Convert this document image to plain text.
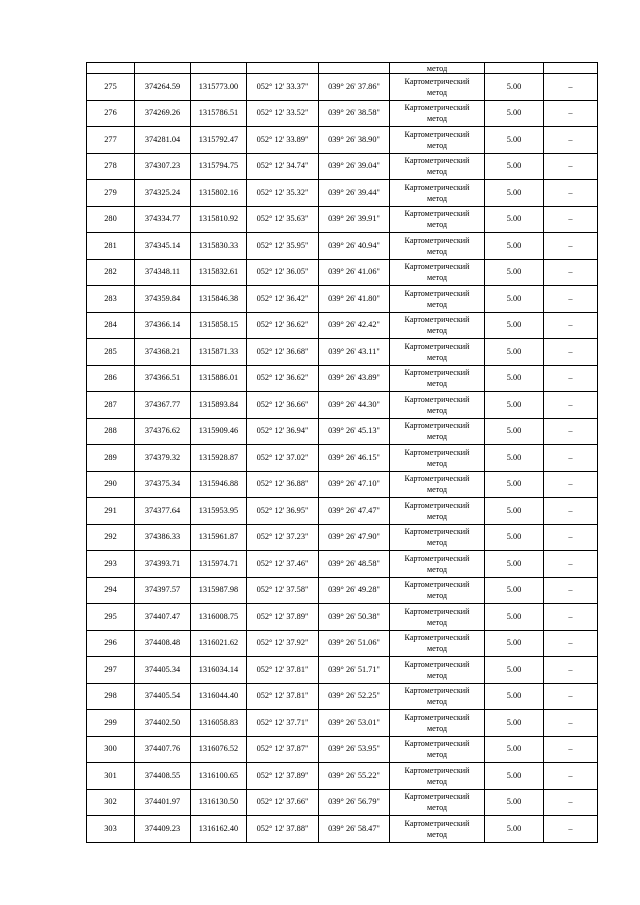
					метод		

275	374264.59	1315773.00	052° 12' 33.37"	039° 26' 37.86"	Картометрический
метод	5.00	–
276	374269.26	1315786.51	052° 12' 33.52"	039° 26' 38.58"	Картометрический
метод	5.00	–
277	374281.04	1315792.47	052° 12' 33.89"	039° 26' 38.90"	Картометрический
метод	5.00	–
278	374307.23	1315794.75	052° 12' 34.74"	039° 26' 39.04"	Картометрический
метод	5.00	–
279	374325.24	1315802.16	052° 12' 35.32"	039° 26' 39.44"	Картометрический
метод	5.00	–
280	374334.77	1315810.92	052° 12' 35.63"	039° 26' 39.91"	Картометрический
метод	5.00	–
281	374345.14	1315830.33	052° 12' 35.95"	039° 26' 40.94"	Картометрический
метод	5.00	–
282	374348.11	1315832.61	052° 12' 36.05"	039° 26' 41.06"	Картометрический
метод	5.00	–
283	374359.84	1315846.38	052° 12' 36.42"	039° 26' 41.80"	Картометрический
метод	5.00	–
284	374366.14	1315858.15	052° 12' 36.62"	039° 26' 42.42"	Картометрический
метод	5.00	–
285	374368.21	1315871.33	052° 12' 36.68"	039° 26' 43.11"	Картометрический
метод	5.00	–
286	374366.51	1315886.01	052° 12' 36.62"	039° 26' 43.89"	Картометрический
метод	5.00	–
287	374367.77	1315893.84	052° 12' 36.66"	039° 26' 44.30"	Картометрический
метод	5.00	–
288	374376.62	1315909.46	052° 12' 36.94"	039° 26' 45.13"	Картометрический
метод	5.00	–
289	374379.32	1315928.87	052° 12' 37.02"	039° 26' 46.15"	Картометрический
метод	5.00	–
290	374375.34	1315946.88	052° 12' 36.88"	039° 26' 47.10"	Картометрический
метод	5.00	–
291	374377.64	1315953.95	052° 12' 36.95"	039° 26' 47.47"	Картометрический
метод	5.00	–
292	374386.33	1315961.87	052° 12' 37.23"	039° 26' 47.90"	Картометрический
метод	5.00	–
293	374393.71	1315974.71	052° 12' 37.46"	039° 26' 48.58"	Картометрический
метод	5.00	–
294	374397.57	1315987.98	052° 12' 37.58"	039° 26' 49.28"	Картометрический
метод	5.00	–
295	374407.47	1316008.75	052° 12' 37.89"	039° 26' 50.38"	Картометрический
метод	5.00	–
296	374408.48	1316021.62	052° 12' 37.92"	039° 26' 51.06"	Картометрический
метод	5.00	–
297	374405.34	1316034.14	052° 12' 37.81"	039° 26' 51.71"	Картометрический
метод	5.00	–
298	374405.54	1316044.40	052° 12' 37.81"	039° 26' 52.25"	Картометрический
метод	5.00	–
299	374402.50	1316058.83	052° 12' 37.71"	039° 26' 53.01"	Картометрический
метод	5.00	–
300	374407.76	1316076.52	052° 12' 37.87"	039° 26' 53.95"	Картометрический
метод	5.00	–
301	374408.55	1316100.65	052° 12' 37.89"	039° 26' 55.22"	Картометрический
метод	5.00	–
302	374401.97	1316130.50	052° 12' 37.66"	039° 26' 56.79"	Картометрический
метод	5.00	–
303	374409.23	1316162.40	052° 12' 37.88"	039° 26' 58.47"	Картометрический
метод	5.00	–
